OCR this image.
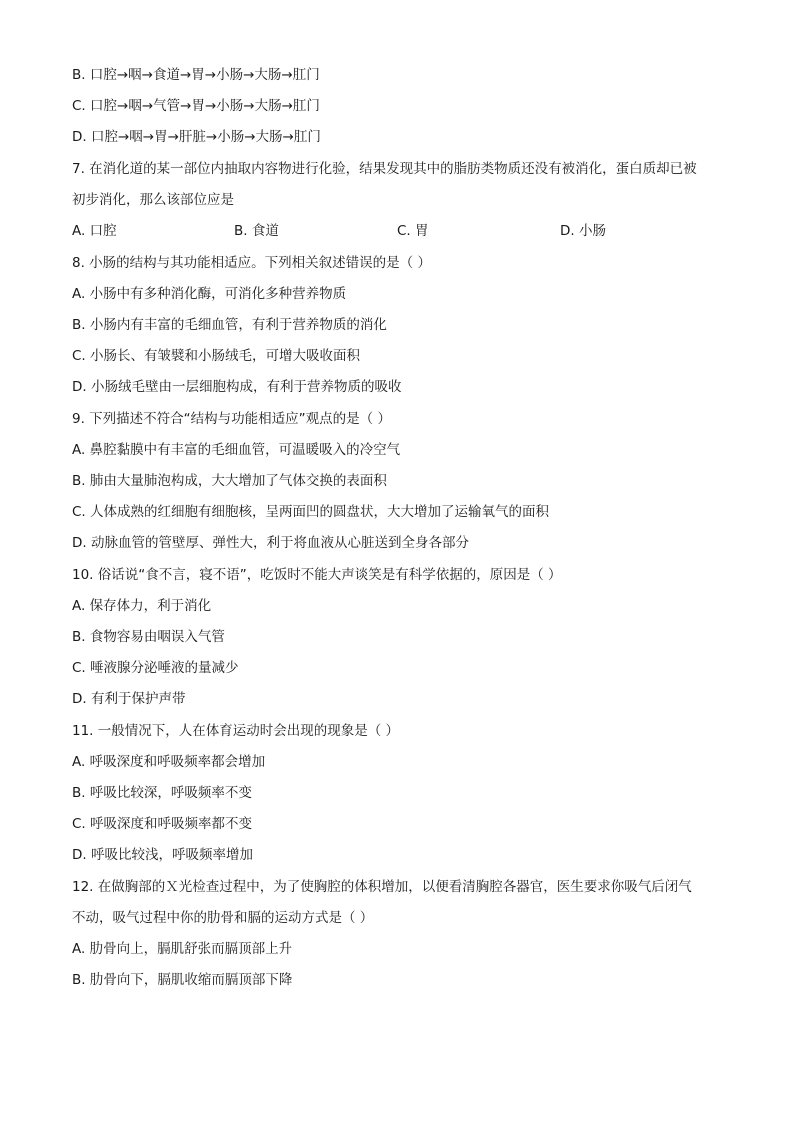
B. 口腔→咽→食道→胃→小肠→大肠→肛门
C. 口腔→咽→气管→胃→小肠→大肠→肛门
D. 口腔→咽→胃→肝脏→小肠→大肠→肛门
7. 在消化道的某一部位内抽取内容物进行化验，结果发现其中的脂肪类物质还没有被消化，蛋白质却已被
初步消化，那么该部位应是
A. 口腔	B. 食道	C. 胃	D. 小肠
8. 小肠的结构与其功能相适应。下列相关叙述错误的是（ ）
A. 小肠中有多种消化酶，可消化多种营养物质
B. 小肠内有丰富的毛细血管，有利于营养物质的消化
C. 小肠长、有皱襞和小肠绒毛，可增大吸收面积
D. 小肠绒毛壁由一层细胞构成，有利于营养物质的吸收
9. 下列描述不符合“结构与功能相适应”观点的是（ ）
A. 鼻腔黏膜中有丰富的毛细血管，可温暖吸入的冷空气
B. 肺由大量肺泡构成，大大增加了气体交换的表面积
C. 人体成熟的红细胞有细胞核，呈两面凹的圆盘状，大大增加了运输氧气的面积
D. 动脉血管的管壁厚、弹性大，利于将血液从心脏送到全身各部分
10. 俗话说“食不言，寝不语”，吃饭时不能大声谈笑是有科学依据的，原因是（ ）
A. 保存体力，利于消化
B. 食物容易由咽误入气管
C. 唾液腺分泌唾液的量减少
D. 有利于保护声带
11. 一般情况下，人在体育运动时会出现的现象是（ ）
A. 呼吸深度和呼吸频率都会增加
B. 呼吸比较深，呼吸频率不变
C. 呼吸深度和呼吸频率都不变
D. 呼吸比较浅，呼吸频率增加
12. 在做胸部的Ｘ光检查过程中，为了使胸腔的体积增加，以便看清胸腔各器官，医生要求你吸气后闭气
不动，吸气过程中你的肋骨和膈的运动方式是（ ）
A. 肋骨向上，膈肌舒张而膈顶部上升
B. 肋骨向下，膈肌收缩而膈顶部下降
